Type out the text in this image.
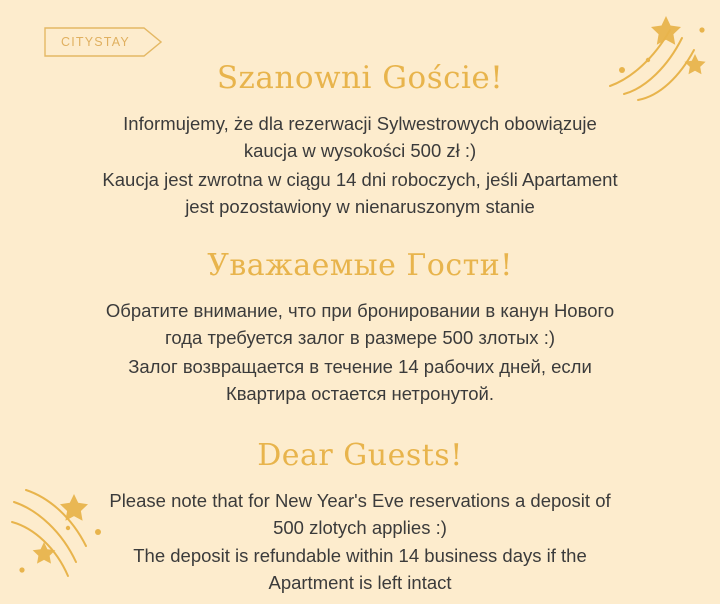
CITYSTAY
Szanowni Goście!
Informujemy, że dla rezerwacji Sylwestrowych obowiązuje
kaucja w wysokości 500 zł :)
Kaucja jest zwrotna w ciągu 14 dni roboczych, jeśli Apartament
jest pozostawiony w nienaruszonym stanie
Уважаемые Гости!
Обратите внимание, что при бронировании в канун Нового
года требуется залог в размере 500 злотых :)
Залог возвращается в течение 14 рабочих дней, если
Квартира остается нетронутой.
Dear Guests!
Please note that for New Year's Eve reservations a deposit of
500 zlotych applies :)
The deposit is refundable within 14 business days if the
Apartment is left intact
